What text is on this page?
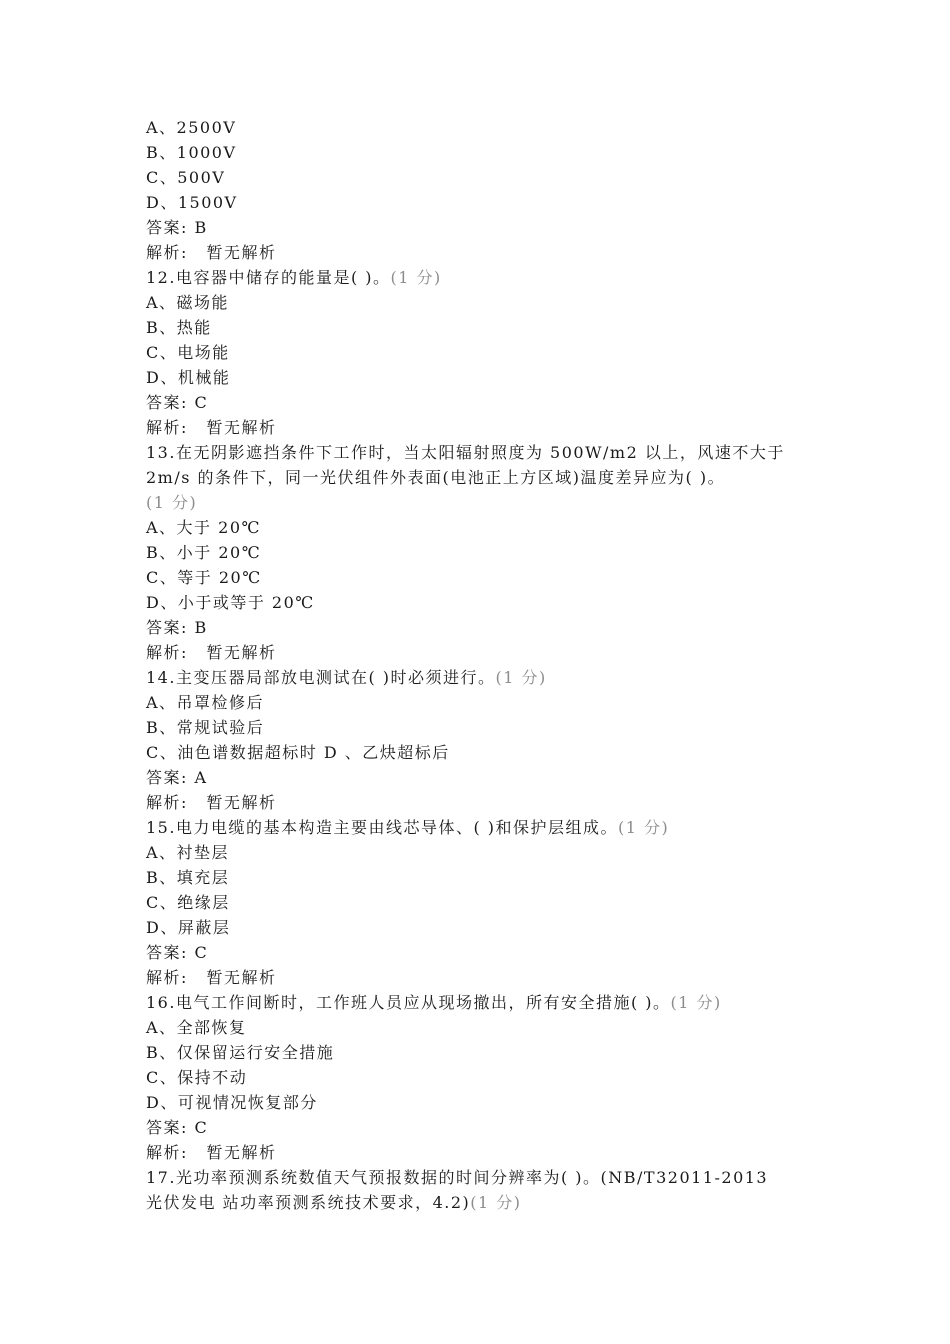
A、2500V
B、1000V
C、500V
D、1500V
答案: B
解析: 暂无解析
12.电容器中储存的能量是( )。(1 分)
A、磁场能
B、热能
C、电场能
D、机械能
答案: C
解析: 暂无解析
13.在无阴影遮挡条件下工作时，当太阳辐射照度为 500W/m2 以上，风速不大于
2m/s 的条件下，同一光伏组件外表面(电池正上方区域)温度差异应为( )。
(1 分)
A、大于 20℃
B、小于 20℃
C、等于 20℃
D、小于或等于 20℃
答案: B
解析: 暂无解析
14.主变压器局部放电测试在( )时必须进行。(1 分)
A、吊罩检修后
B、常规试验后
C、油色谱数据超标时 D 、乙炔超标后
答案: A
解析: 暂无解析
15.电力电缆的基本构造主要由线芯导体、( )和保护层组成。(1 分)
A、衬垫层
B、填充层
C、绝缘层
D、屏蔽层
答案: C
解析: 暂无解析
16.电气工作间断时，工作班人员应从现场撤出，所有安全措施( )。(1 分)
A、全部恢复
B、仅保留运行安全措施
C、保持不动
D、可视情况恢复部分
答案: C
解析: 暂无解析
17.光功率预测系统数值天气预报数据的时间分辨率为( )。(NB/T32011-2013
光伏发电 站功率预测系统技术要求，4.2)(1 分)
